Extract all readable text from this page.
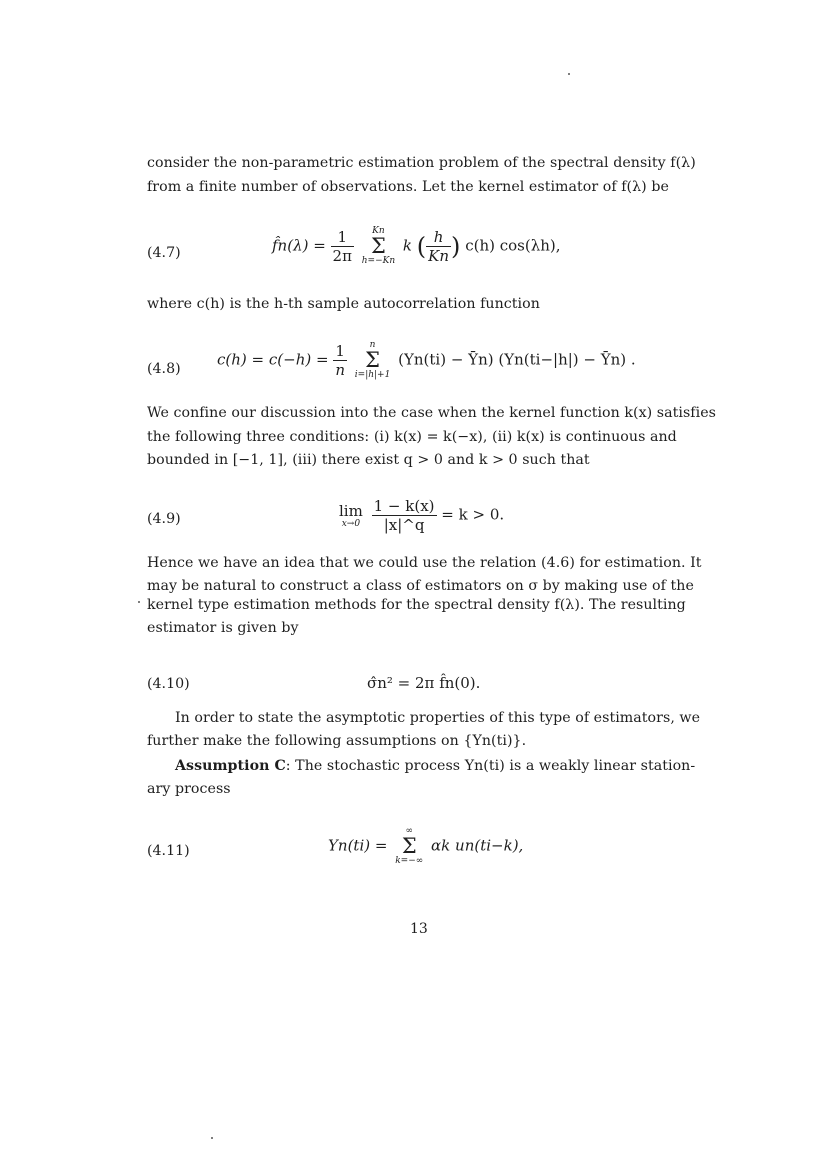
consider the non-parametric estimation problem of the spectral density f(λ)
from a finite number of observations. Let the kernel estimator of f(λ) be
(4.7)	f̂n(λ) = $\frac{1}{2\pi}$
	Kn
Σ
h=−Kn
k ( $\frac{h}{Kn}$ ) c(h) cos(λh),
where c(h) is the h-th sample autocorrelation function
(4.8)
$c(h) = c(-h) = \frac{1}{n}$
	n
Σ
i=|h|+1
(Yn(ti) − Ȳn) (Yn(ti−|h|) − Ȳn) .
We confine our discussion into the case when the kernel function k(x) satisfies
the following three conditions: (i) k(x) = k(−x), (ii) k(x) is continuous and
bounded in [−1, 1], (iii) there exist q > 0 and k > 0 such that
(4.9)	lim
x→0
$\frac{1 - k(x)}{|x|\^{}q} = k > 0$.
Hence we have an idea that we could use the relation (4.6) for estimation. It
may be natural to construct a class of estimators on σ by making use of the
kernel type estimation methods for the spectral density f(λ). The resulting
estimator is given by
(4.10)	σ̂n² = 2π f̂n(0).
In order to state the asymptotic properties of this type of estimators, we
further make the following assumptions on {Yn(ti)}.
Assumption C: The stochastic process Yn(ti) is a weakly linear station-
ary process
(4.11)	Yn(ti) =
∞
Σ
k=−∞
αk un(ti−k),
13
